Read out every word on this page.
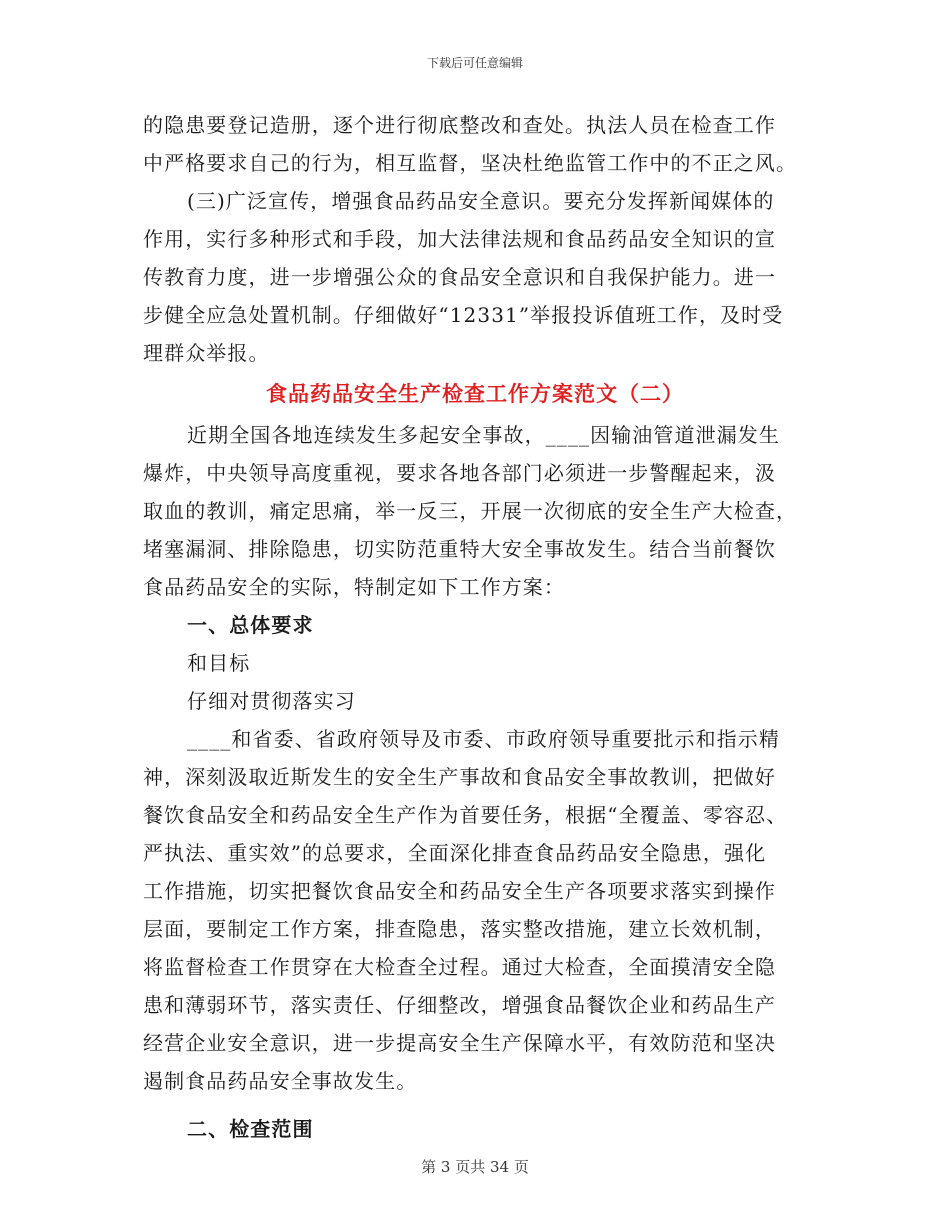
下载后可任意编辑
的隐患要登记造册，逐个进行彻底整改和查处。执法人员在检查工作
中严格要求自己的行为，相互监督，坚决杜绝监管工作中的不正之风。
(三)广泛宣传，增强食品药品安全意识。要充分发挥新闻媒体的
作用，实行多种形式和手段，加大法律法规和食品药品安全知识的宣
传教育力度，进一步增强公众的食品安全意识和自我保护能力。进一
步健全应急处置机制。仔细做好“12331”举报投诉值班工作，及时受
理群众举报。
食品药品安全生产检查工作方案范文（二）
近期全国各地连续发生多起安全事故，____因输油管道泄漏发生
爆炸，中央领导高度重视，要求各地各部门必须进一步警醒起来，汲
取血的教训，痛定思痛，举一反三，开展一次彻底的安全生产大检查，
堵塞漏洞、排除隐患，切实防范重特大安全事故发生。结合当前餐饮
食品药品安全的实际，特制定如下工作方案：
一、总体要求
和目标
仔细对贯彻落实习
____和省委、省政府领导及市委、市政府领导重要批示和指示精
神，深刻汲取近斯发生的安全生产事故和食品安全事故教训，把做好
餐饮食品安全和药品安全生产作为首要任务，根据“全覆盖、零容忍、
严执法、重实效”的总要求，全面深化排查食品药品安全隐患，强化
工作措施，切实把餐饮食品安全和药品安全生产各项要求落实到操作
层面，要制定工作方案，排查隐患，落实整改措施，建立长效机制，
将监督检查工作贯穿在大检查全过程。通过大检查，全面摸清安全隐
患和薄弱环节，落实责任、仔细整改，增强食品餐饮企业和药品生产
经营企业安全意识，进一步提高安全生产保障水平，有效防范和坚决
遏制食品药品安全事故发生。
二、检查范围
第 3 页共 34 页
